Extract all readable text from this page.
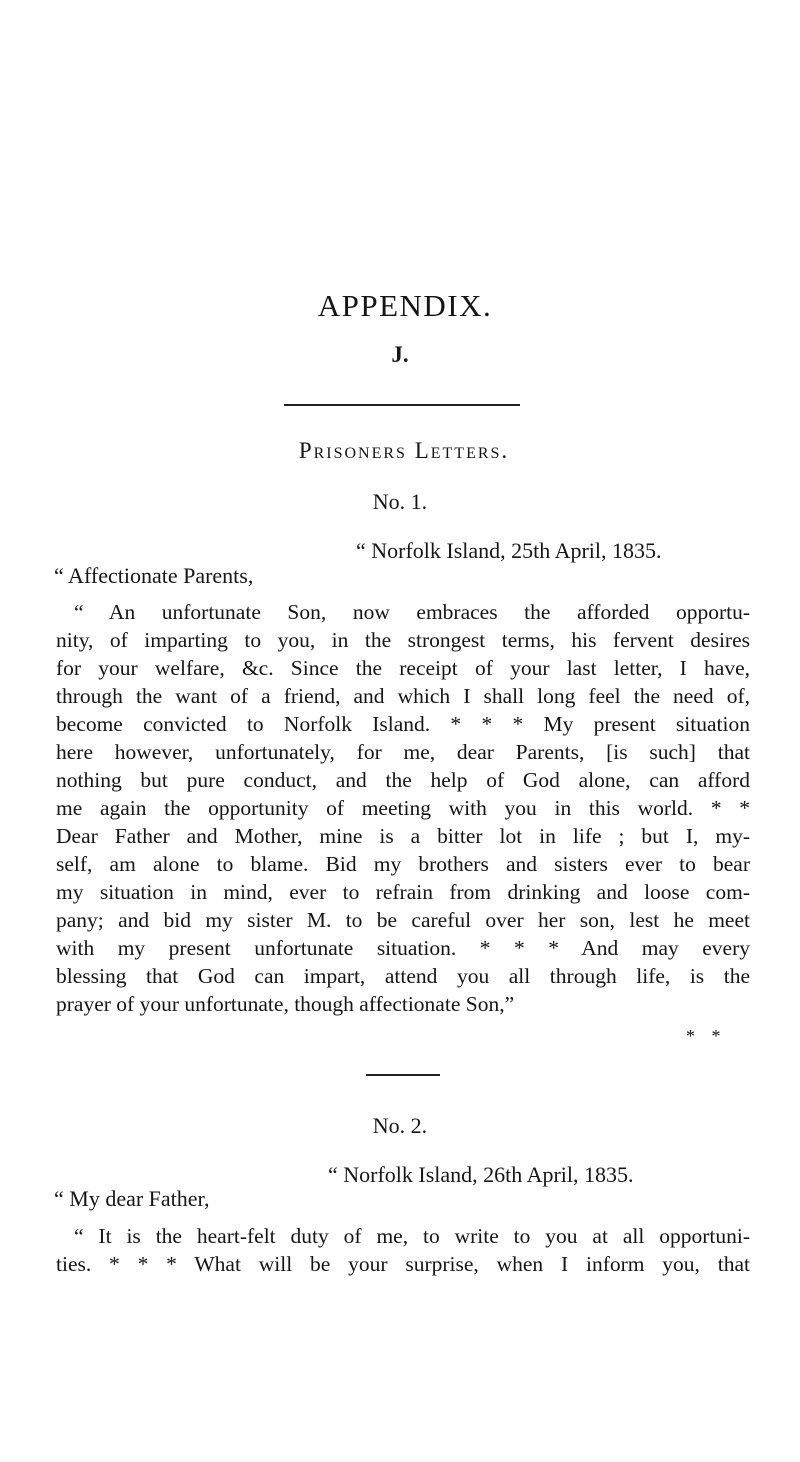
APPENDIX.
J.
Prisoners Letters.
No. 1.
“ Norfolk Island, 25th April, 1835.
“ Affectionate Parents,
“ An unfortunate Son, now embraces the afforded opportu-
nity, of imparting to you, in the strongest terms, his fervent desires
for your welfare, &c. Since the receipt of your last letter, I have,
through the want of a friend, and which I shall long feel the need of,
become convicted to Norfolk Island. * * * My present situation
here however, unfortunately, for me, dear Parents, [is such] that
nothing but pure conduct, and the help of God alone, can afford
me again the opportunity of meeting with you in this world. * *
Dear Father and Mother, mine is a bitter lot in life ; but I, my-
self, am alone to blame. Bid my brothers and sisters ever to bear
my situation in mind, ever to refrain from drinking and loose com-
pany; and bid my sister M. to be careful over her son, lest he meet
with my present unfortunate situation. * * * And may every
blessing that God can impart, attend you all through life, is the
prayer of your unfortunate, though affectionate Son,”
* *
No. 2.
“ Norfolk Island, 26th April, 1835.
“ My dear Father,
“ It is the heart-felt duty of me, to write to you at all opportuni-
ties. * * * What will be your surprise, when I inform you, that
